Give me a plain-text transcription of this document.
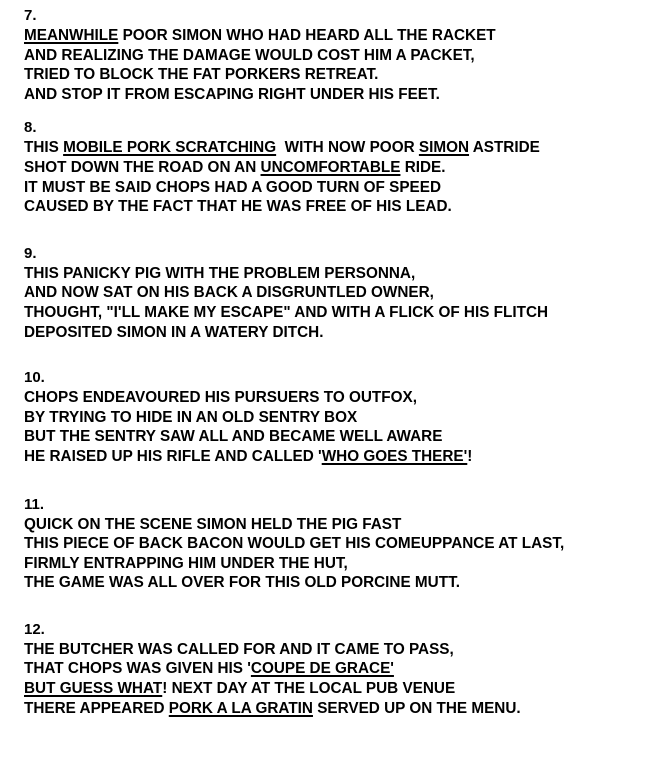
7.
MEANWHILE POOR SIMON WHO HAD HEARD ALL THE RACKET
AND REALIZING THE DAMAGE WOULD COST HIM A PACKET,
TRIED TO BLOCK THE FAT PORKERS RETREAT.
AND STOP IT FROM ESCAPING RIGHT UNDER HIS FEET.
8.
THIS MOBILE PORK SCRATCHING  WITH NOW POOR SIMON ASTRIDE
SHOT DOWN THE ROAD ON AN UNCOMFORTABLE RIDE.
IT MUST BE SAID CHOPS HAD A GOOD TURN OF SPEED
CAUSED BY THE FACT THAT HE WAS FREE OF HIS LEAD.
9.
THIS PANICKY PIG WITH THE PROBLEM PERSONNA,
AND NOW SAT ON HIS BACK A DISGRUNTLED OWNER,
THOUGHT, "I'LL MAKE MY ESCAPE" AND WITH A FLICK OF HIS FLITCH
DEPOSITED SIMON IN A WATERY DITCH.
10.
CHOPS ENDEAVOURED HIS PURSUERS TO OUTFOX,
BY TRYING TO HIDE IN AN OLD SENTRY BOX
BUT THE SENTRY SAW ALL AND BECAME WELL AWARE
HE RAISED UP HIS RIFLE AND CALLED 'WHO GOES THERE'!
11.
QUICK ON THE SCENE SIMON HELD THE PIG FAST
THIS PIECE OF BACK BACON WOULD GET HIS COMEUPPANCE AT LAST,
FIRMLY ENTRAPPING HIM UNDER THE HUT,
THE GAME WAS ALL OVER FOR THIS OLD PORCINE MUTT.
12.
THE BUTCHER WAS CALLED FOR AND IT CAME TO PASS,
THAT CHOPS WAS GIVEN HIS 'COUPE DE GRACE'
BUT GUESS WHAT! NEXT DAY AT THE LOCAL PUB VENUE
THERE APPEARED PORK A LA GRATIN SERVED UP ON THE MENU.
